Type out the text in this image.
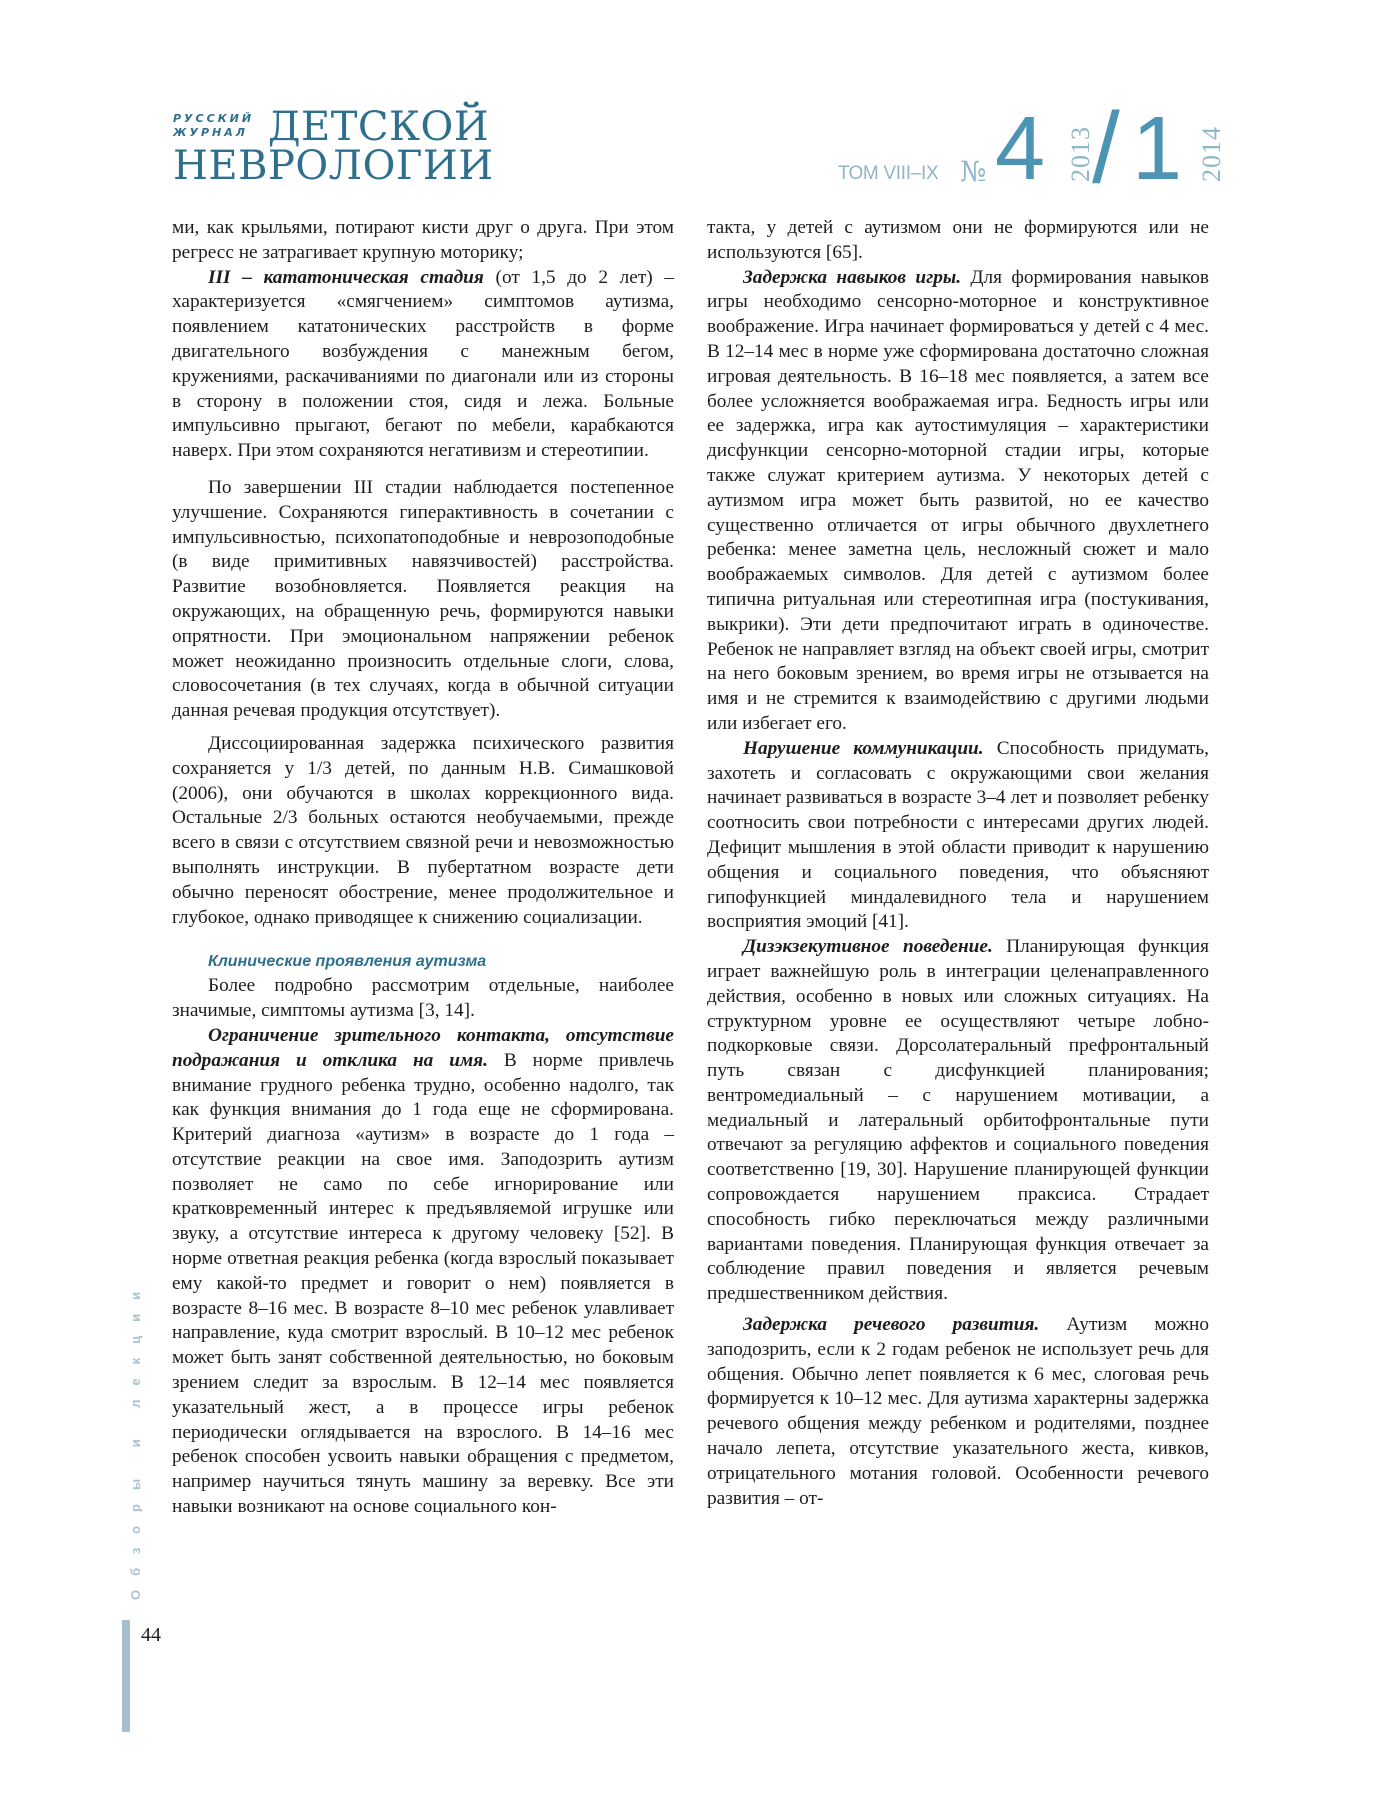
РУССКИЙ ЖУРНАЛ ДЕТСКОЙ
НЕВРОЛОГИИ	ТОМ VIII–IX № 4 2013
/ 1 2014

ми, как крыльями, потирают кисти друг о друга. При этом регресс не затрагивает крупную моторику;

III – кататоническая стадия (от 1,5 до 2 лет) – характеризуется «смягчением» симптомов аутизма, появлением кататонических расстройств в форме двигательного возбуждения с манежным бегом, кружениями, раскачиваниями по диагонали или из стороны в сторону в положении стоя, сидя и лежа. Больные импульсивно прыгают, бегают по мебели, карабкаются наверх. При этом сохраняются негативизм и стереотипии.

По завершении III стадии наблюдается постепенное улучшение. Сохраняются гиперактивность в сочетании с импульсивностью, психопатоподобные и неврозоподобные (в виде примитивных навязчивостей) расстройства. Развитие возобновляется. Появляется реакция на окружающих, на обращенную речь, формируются навыки опрятности. При эмоциональном напряжении ребенок может неожиданно произносить отдельные слоги, слова, словосочетания (в тех случаях, когда в обычной ситуации данная речевая продукция отсутствует).

Диссоциированная задержка психического развития сохраняется у 1/3 детей, по данным Н.В. Симашковой (2006), они обучаются в школах коррекционного вида. Остальные 2/3 больных остаются необучаемыми, прежде всего в связи с отсутствием связной речи и невозможностью выполнять инструкции. В пубертатном возрасте дети обычно переносят обострение, менее продолжительное и глубокое, однако приводящее к снижению социализации.

Клинические проявления аутизма

Более подробно рассмотрим отдельные, наиболее значимые, симптомы аутизма [3, 14].

Ограничение зрительного контакта, отсутствие подражания и отклика на имя. В норме привлечь внимание грудного ребенка трудно, особенно надолго, так как функция внимания до 1 года еще не сформирована. Критерий диагноза «аутизм» в возрасте до 1 года – отсутствие реакции на свое имя. Заподозрить аутизм позволяет не само по себе игнорирование или кратковременный интерес к предъявляемой игрушке или звуку, а отсутствие интереса к другому человеку [52]. В норме ответная реакция ребенка (когда взрослый показывает ему какой-то предмет и говорит о нем) появляется в возрасте 8–16 мес. В возрасте 8–10 мес ребенок улавливает направление, куда смотрит взрослый. В 10–12 мес ребенок может быть занят собственной деятельностью, но боковым зрением следит за взрослым. В 12–14 мес появляется указательный жест, а в процессе игры ребенок периодически оглядывается на взрослого. В 14–16 мес ребенок способен усвоить навыки обращения с предметом, например научиться тянуть машину за веревку. Все эти навыки возникают на основе социального кон-

такта, у детей с аутизмом они не формируются или не используются [65].

Задержка навыков игры. Для формирования навыков игры необходимо сенсорно-моторное и конструктивное воображение. Игра начинает формироваться у детей с 4 мес. В 12–14 мес в норме уже сформирована достаточно сложная игровая деятельность. В 16–18 мес появляется, а затем все более усложняется воображаемая игра. Бедность игры или ее задержка, игра как аутостимуляция – характеристики дисфункции сенсорно-моторной стадии игры, которые также служат критерием аутизма. У некоторых детей с аутизмом игра может быть развитой, но ее качество существенно отличается от игры обычного двухлетнего ребенка: менее заметна цель, несложный сюжет и мало воображаемых символов. Для детей с аутизмом более типична ритуальная или стереотипная игра (постукивания, выкрики). Эти дети предпочитают играть в одиночестве. Ребенок не направляет взгляд на объект своей игры, смотрит на него боковым зрением, во время игры не отзывается на имя и не стремится к взаимодействию с другими людьми или избегает его.

Нарушение коммуникации. Способность придумать, захотеть и согласовать с окружающими свои желания начинает развиваться в возрасте 3–4 лет и позволяет ребенку соотносить свои потребности с интересами других людей. Дефицит мышления в этой области приводит к нарушению общения и социального поведения, что объясняют гипофункцией миндалевидного тела и нарушением восприятия эмоций [41].

Дизэкзекутивное поведение. Планирующая функция играет важнейшую роль в интеграции целенаправленного действия, особенно в новых или сложных ситуациях. На структурном уровне ее осуществляют четыре лобно-подкорковые связи. Дорсолатеральный префронтальный путь связан с дисфункцией планирования; вентромедиальный – с нарушением мотивации, а медиальный и латеральный орбитофронтальные пути отвечают за регуляцию аффектов и социального поведения соответственно [19, 30]. Нарушение планирующей функции сопровождается нарушением праксиса. Страдает способность гибко переключаться между различными вариантами поведения. Планирующая функция отвечает за соблюдение правил поведения и является речевым предшественником действия.

Задержка речевого развития. Аутизм можно заподозрить, если к 2 годам ребенок не использует речь для общения. Обычно лепет появляется к 6 мес, слоговая речь формируется к 10–12 мес. Для аутизма характерны задержка речевого общения между ребенком и родителями, позднее начало лепета, отсутствие указательного жеста, кивков, отрицательного мотания головой. Особенности речевого развития – от-

Обзоры и лекции
44
